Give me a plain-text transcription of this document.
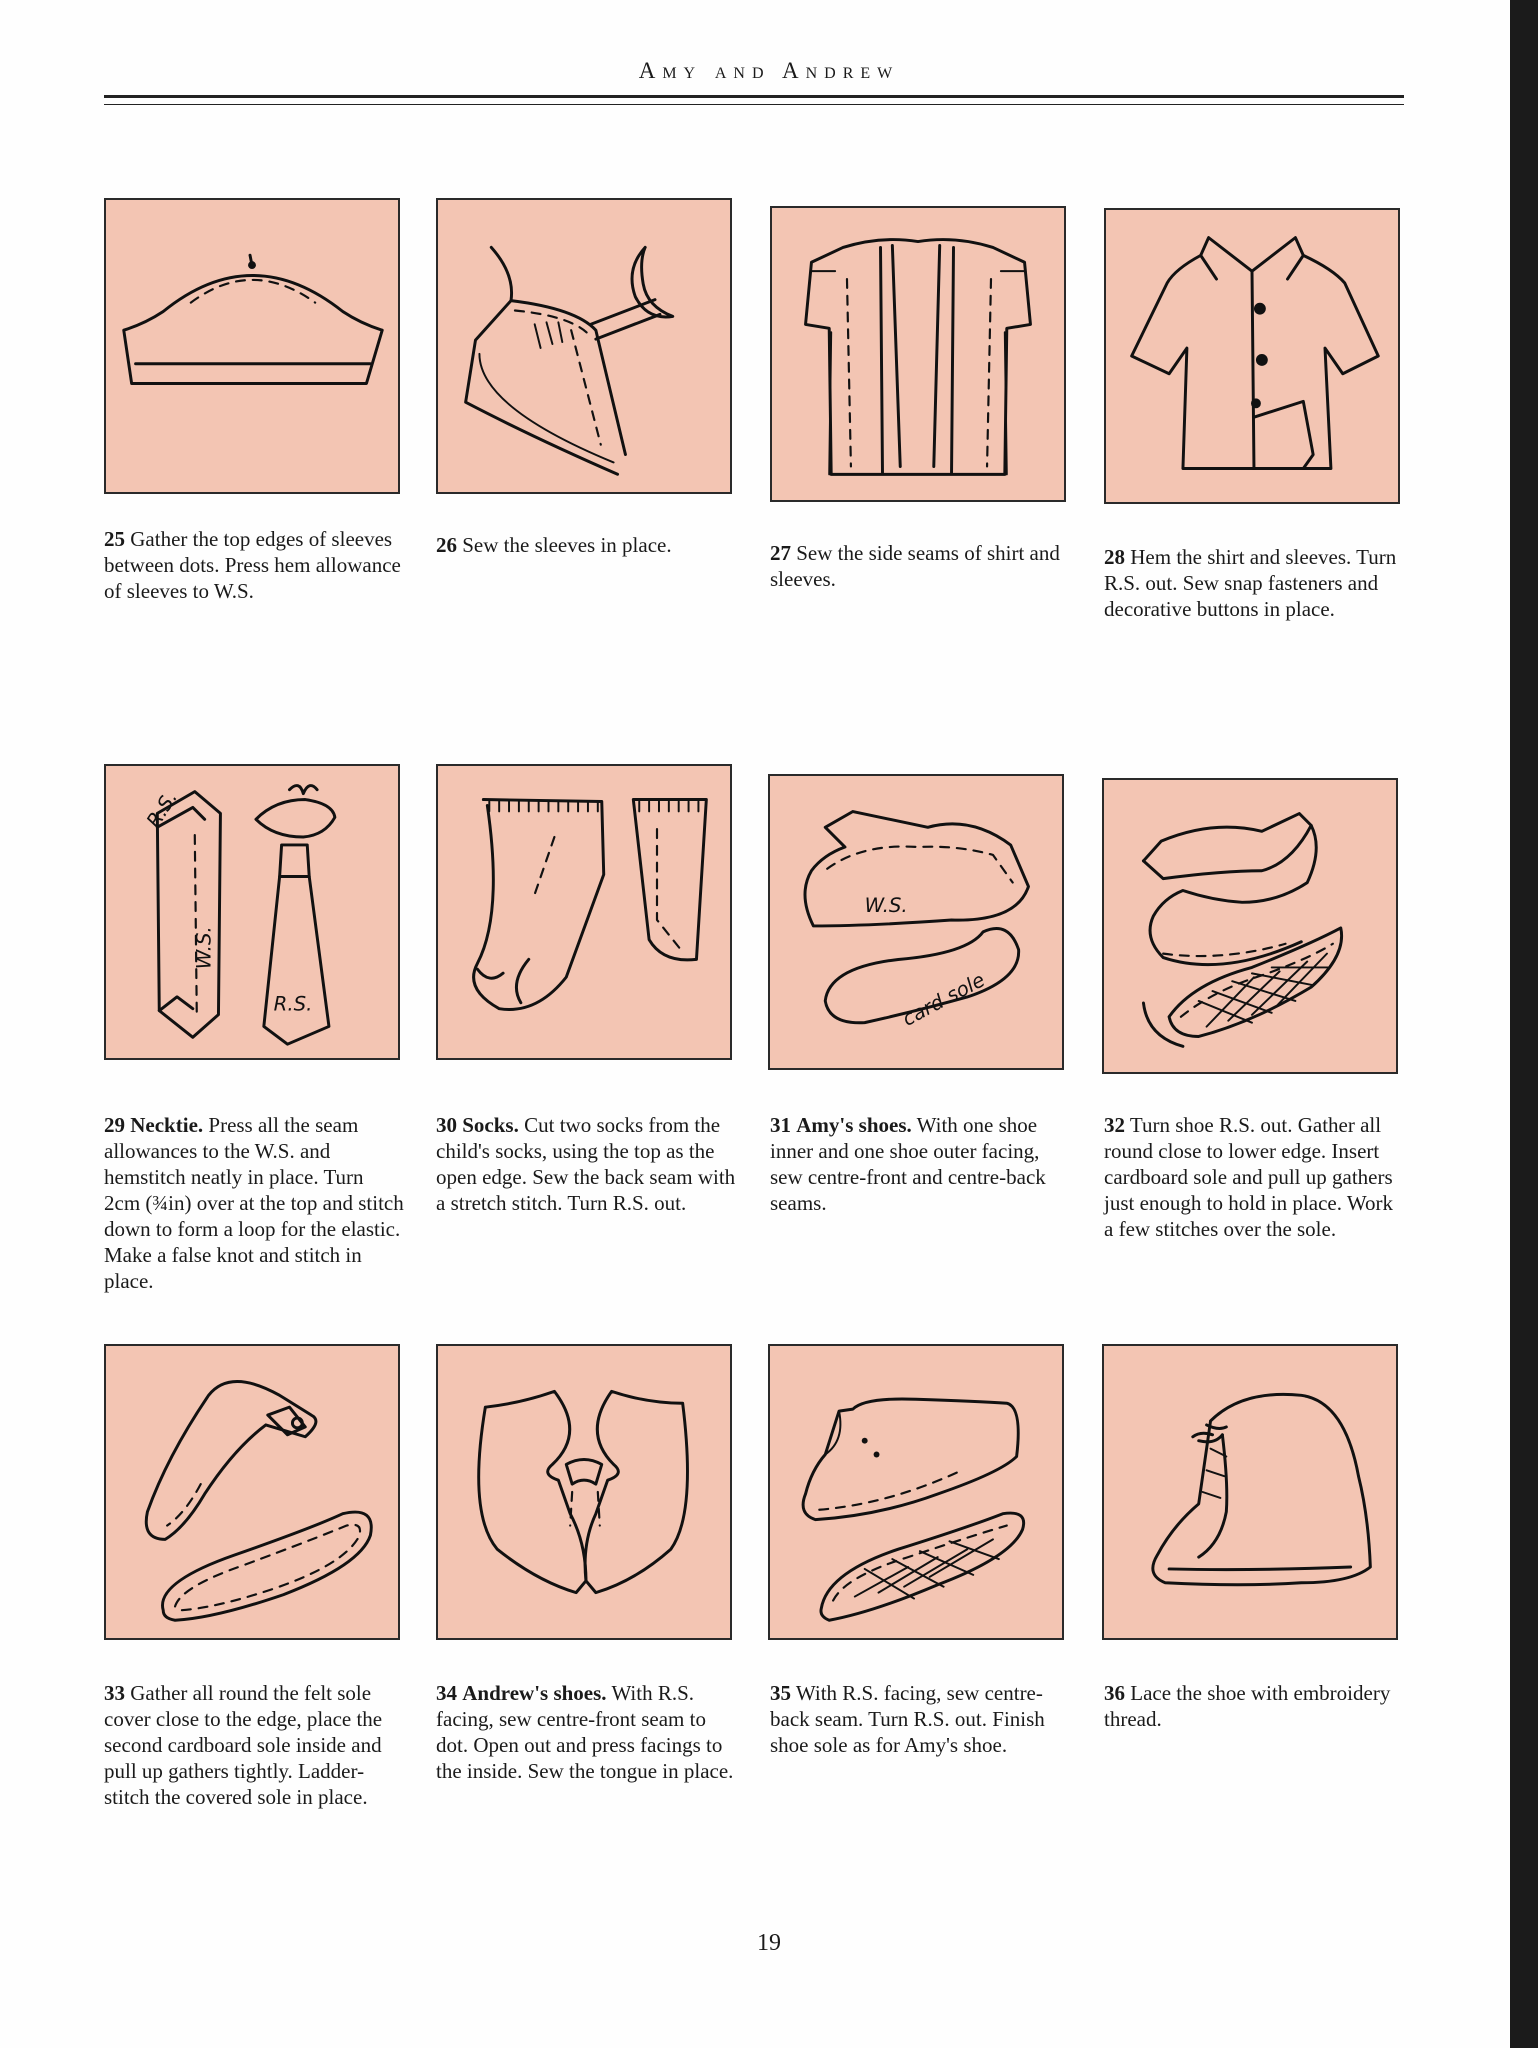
Amy and Andrew
R.S.
W.S.
R.S.
W.S.
card sole
25 Gather the top edges of sleeves between dots. Press hem allowance of sleeves to W.S.
26 Sew the sleeves in place.	27 Sew the side seams of shirt and sleeves.
28 Hem the shirt and sleeves. Turn R.S. out. Sew snap fasteners and decorative buttons in place.
29 Necktie. Press all the seam allowances to the W.S. and hemstitch neatly in place. Turn 2cm (¾in) over at the top and stitch down to form a loop for the elastic. Make a false knot and stitch in place.
30 Socks. Cut two socks from the child's socks, using the top as the open edge. Sew the back seam with a stretch stitch. Turn R.S. out.
31 Amy's shoes. With one shoe inner and one shoe outer facing, sew centre-front and centre-back seams.
32 Turn shoe R.S. out. Gather all round close to lower edge. Insert cardboard sole and pull up gathers just enough to hold in place. Work a few stitches over the sole.
33 Gather all round the felt sole cover close to the edge, place the second cardboard sole inside and pull up gathers tightly. Ladder-stitch the covered sole in place.
34 Andrew's shoes. With R.S. facing, sew centre-front seam to dot. Open out and press facings to the inside. Sew the tongue in place.
35 With R.S. facing, sew centre-back seam. Turn R.S. out. Finish shoe sole as for Amy's shoe.
36 Lace the shoe with embroidery thread.
19
